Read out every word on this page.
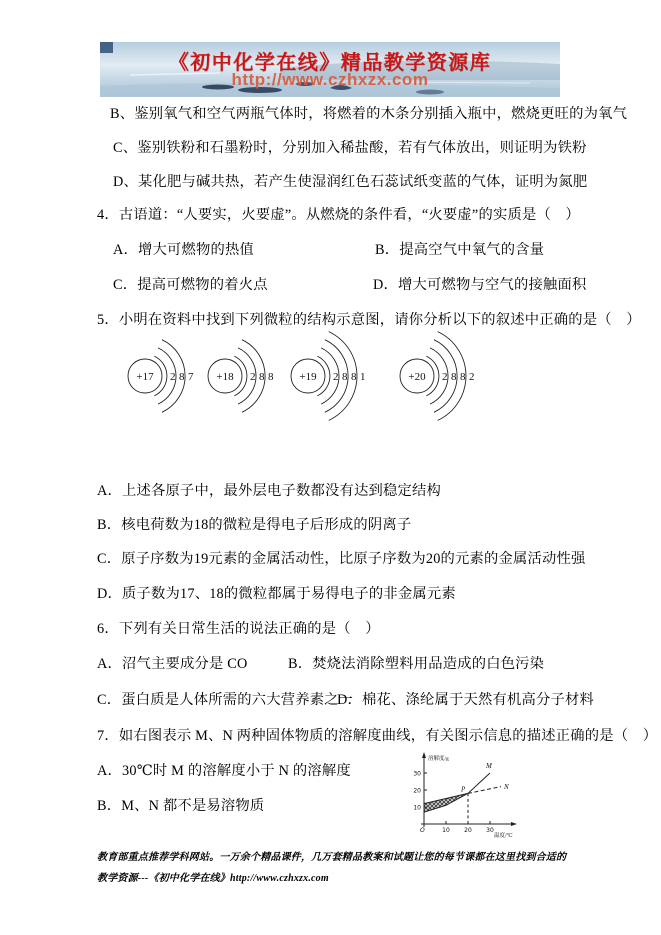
《初中化学在线》精品教学资源库
http://www.czhxzx.com
B、鉴别氧气和空气两瓶气体时，将燃着的木条分别插入瓶中，燃烧更旺的为氧气
C、鉴别铁粉和石墨粉时，分别加入稀盐酸，若有气体放出，则证明为铁粉
D、某化肥与碱共热，若产生使湿润红色石蕊试纸变蓝的气体，证明为氮肥
4．古语道：“人要实，火要虚”。从燃烧的条件看，“火要虚”的实质是（　）
A．增大可燃物的热值	B．提高空气中氧气的含量
C．提高可燃物的着火点	D．增大可燃物与空气的接触面积
5．小明在资料中找到下列微粒的结构示意图，请你分析以下的叙述中正确的是（　）
+17 2 8 7 +18 2 8 8 +19 2 8 8 1	+20 2 8 8 2
A．上述各原子中，最外层电子数都没有达到稳定结构
B．核电荷数为18的微粒是得电子后形成的阴离子
C．原子序数为19元素的金属活动性，比原子序数为20的元素的金属活动性强
D．质子数为17、18的微粒都属于易得电子的非金属元素
6．下列有关日常生活的说法正确的是（　）
A．沼气主要成分是 CO	B．焚烧法消除塑料用品造成的白色污染
C．蛋白质是人体所需的六大营养素之一
D．棉花、涤纶属于天然有机高分子材料
7．如右图表示 M、N 两种固体物质的溶解度曲线，有关图示信息的描述正确的是（　）
A．30℃时 M 的溶解度小于 N 的溶解度
B．M、N 都不是易溶物质	10
20
30
O	10 20 30
溶解度/g
温度/℃
M
N
P
教育部重点推荐学科网站。一万余个精品课件，几万套精品教案和试题让您的每节课都在这里找到合适的
教学资源---《初中化学在线》http://www.czhxzx.com
